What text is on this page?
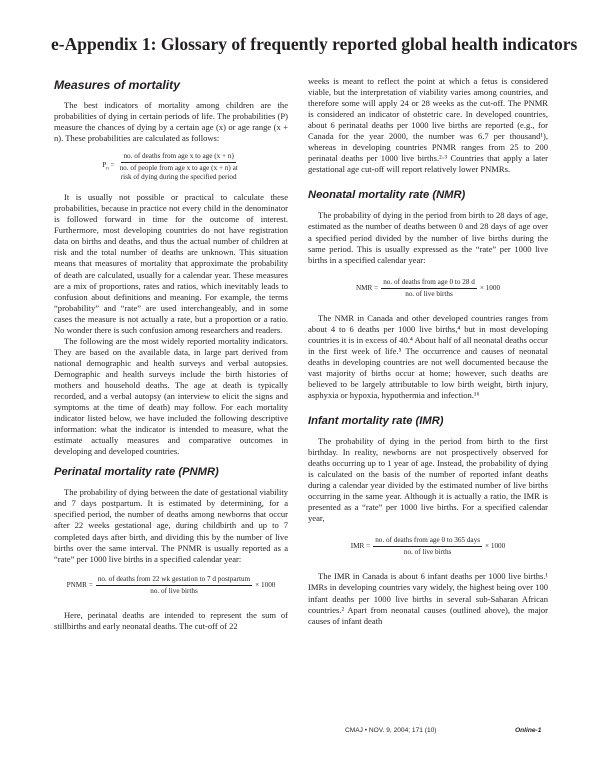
e-Appendix 1: Glossary of frequently reported global health indicators
Measures of mortality

The best indicators of mortality among children are the probabilities of dying in certain periods of life. The probabilities (P) measure the chances of dying by a certain age (x) or age range (x + n). These probabilities are calculated as follows:

$P_n$ =
no. of deaths from age x to age (x + n)
no. of people from age x to age (x + n) at
risk of dying during the specified period

It is usually not possible or practical to calculate these probabilities, because in practice not every child in the denominator is followed forward in time for the outcome of interest. Furthermore, most developing countries do not have registration data on births and deaths, and thus the actual number of children at risk and the total number of deaths are unknown. This situation means that measures of mortality that approximate the probability of death are calculated, usually for a calendar year. These measures are a mix of proportions, rates and ratios, which inevitably leads to confusion about definitions and meaning. For example, the terms “probability” and “rate” are used interchangeably, and in some cases the measure is not actually a rate, but a proportion or a ratio. No wonder there is such confusion among researchers and readers.

The following are the most widely reported mortality indicators. They are based on the available data, in large part derived from national demographic and health surveys and verbal autopsies. Demographic and health surveys include the birth histories of mothers and household deaths. The age at death is typically recorded, and a verbal autopsy (an interview to elicit the signs and symptoms at the time of death) may follow. For each mortality indicator listed below, we have included the following descriptive information: what the indicator is intended to measure, what the estimate actually measures and comparative outcomes in developing and developed countries.

Perinatal mortality rate (PNMR)

The probability of dying between the date of gestational viability and 7 days postpartum. It is estimated by determining, for a specified period, the number of deaths among newborns that occur after 22 weeks gestational age, during childbirth and up to 7 completed days after birth, and dividing this by the number of live births over the same interval. The PNMR is usually reported as a “rate” per 1000 live births in a specified calendar year:

PNMR = $\frac{\text{no. of deaths from 22 wk gestation to 7 d postpartum}}{\text{no. of live births}} \times 1000$

Here, perinatal deaths are intended to represent the sum of stillbirths and early neonatal deaths. The cut-off of 22

weeks is meant to reflect the point at which a fetus is considered viable, but the interpretation of viability varies among countries, and therefore some will apply 24 or 28 weeks as the cut-off. The PNMR is considered an indicator of obstetric care. In developed countries, about 6 perinatal deaths per 1000 live births are reported (e.g., for Canada for the year 2000, the number was 6.7 per thousand¹), whereas in developing countries PNMR ranges from 25 to 200 perinatal deaths per 1000 live births.²·³ Countries that apply a later gestational age cut-off will report relatively lower PNMRs.

Neonatal mortality rate (NMR)

The probability of dying in the period from birth to 28 days of age, estimated as the number of deaths between 0 and 28 days of age over a specified period divided by the number of live births during the same period. This is usually expressed as the “rate” per 1000 live births in a specified calendar year:

NMR = $\frac{\text{no. of deaths from age 0 to 28 d}}{\text{no. of live births}} \times 1000$

The NMR in Canada and other developed countries ranges from about 4 to 6 deaths per 1000 live births,⁴ but in most developing countries it is in excess of 40.⁴ About half of all neonatal deaths occur in the first week of life.⁵ The occurrence and causes of neonatal deaths in developing countries are not well documented because the vast majority of births occur at home; however, such deaths are believed to be largely attributable to low birth weight, birth injury, asphyxia or hypoxia, hypothermia and infection.¹⁶

Infant mortality rate (IMR)

The probability of dying in the period from birth to the first birthday. In reality, newborns are not prospectively observed for deaths occurring up to 1 year of age. Instead, the probability of dying is calculated on the basis of the number of reported infant deaths during a calendar year divided by the estimated number of live births occurring in the same year. Although it is actually a ratio, the IMR is presented as a “rate” per 1000 live births. For a specified calendar year,

IMR = $\frac{\text{no. of deaths from age 0 to 365 days}}{\text{no. of live births}} \times 1000$

The IMR in Canada is about 6 infant deaths per 1000 live births.¹ IMRs in developing countries vary widely, the highest being over 100 infant deaths per 1000 live births in several sub-Saharan African countries.² Apart from neonatal causes (outlined above), the major causes of infant death

CMAJ • NOV. 9, 2004; 171 (10)	Online-1
